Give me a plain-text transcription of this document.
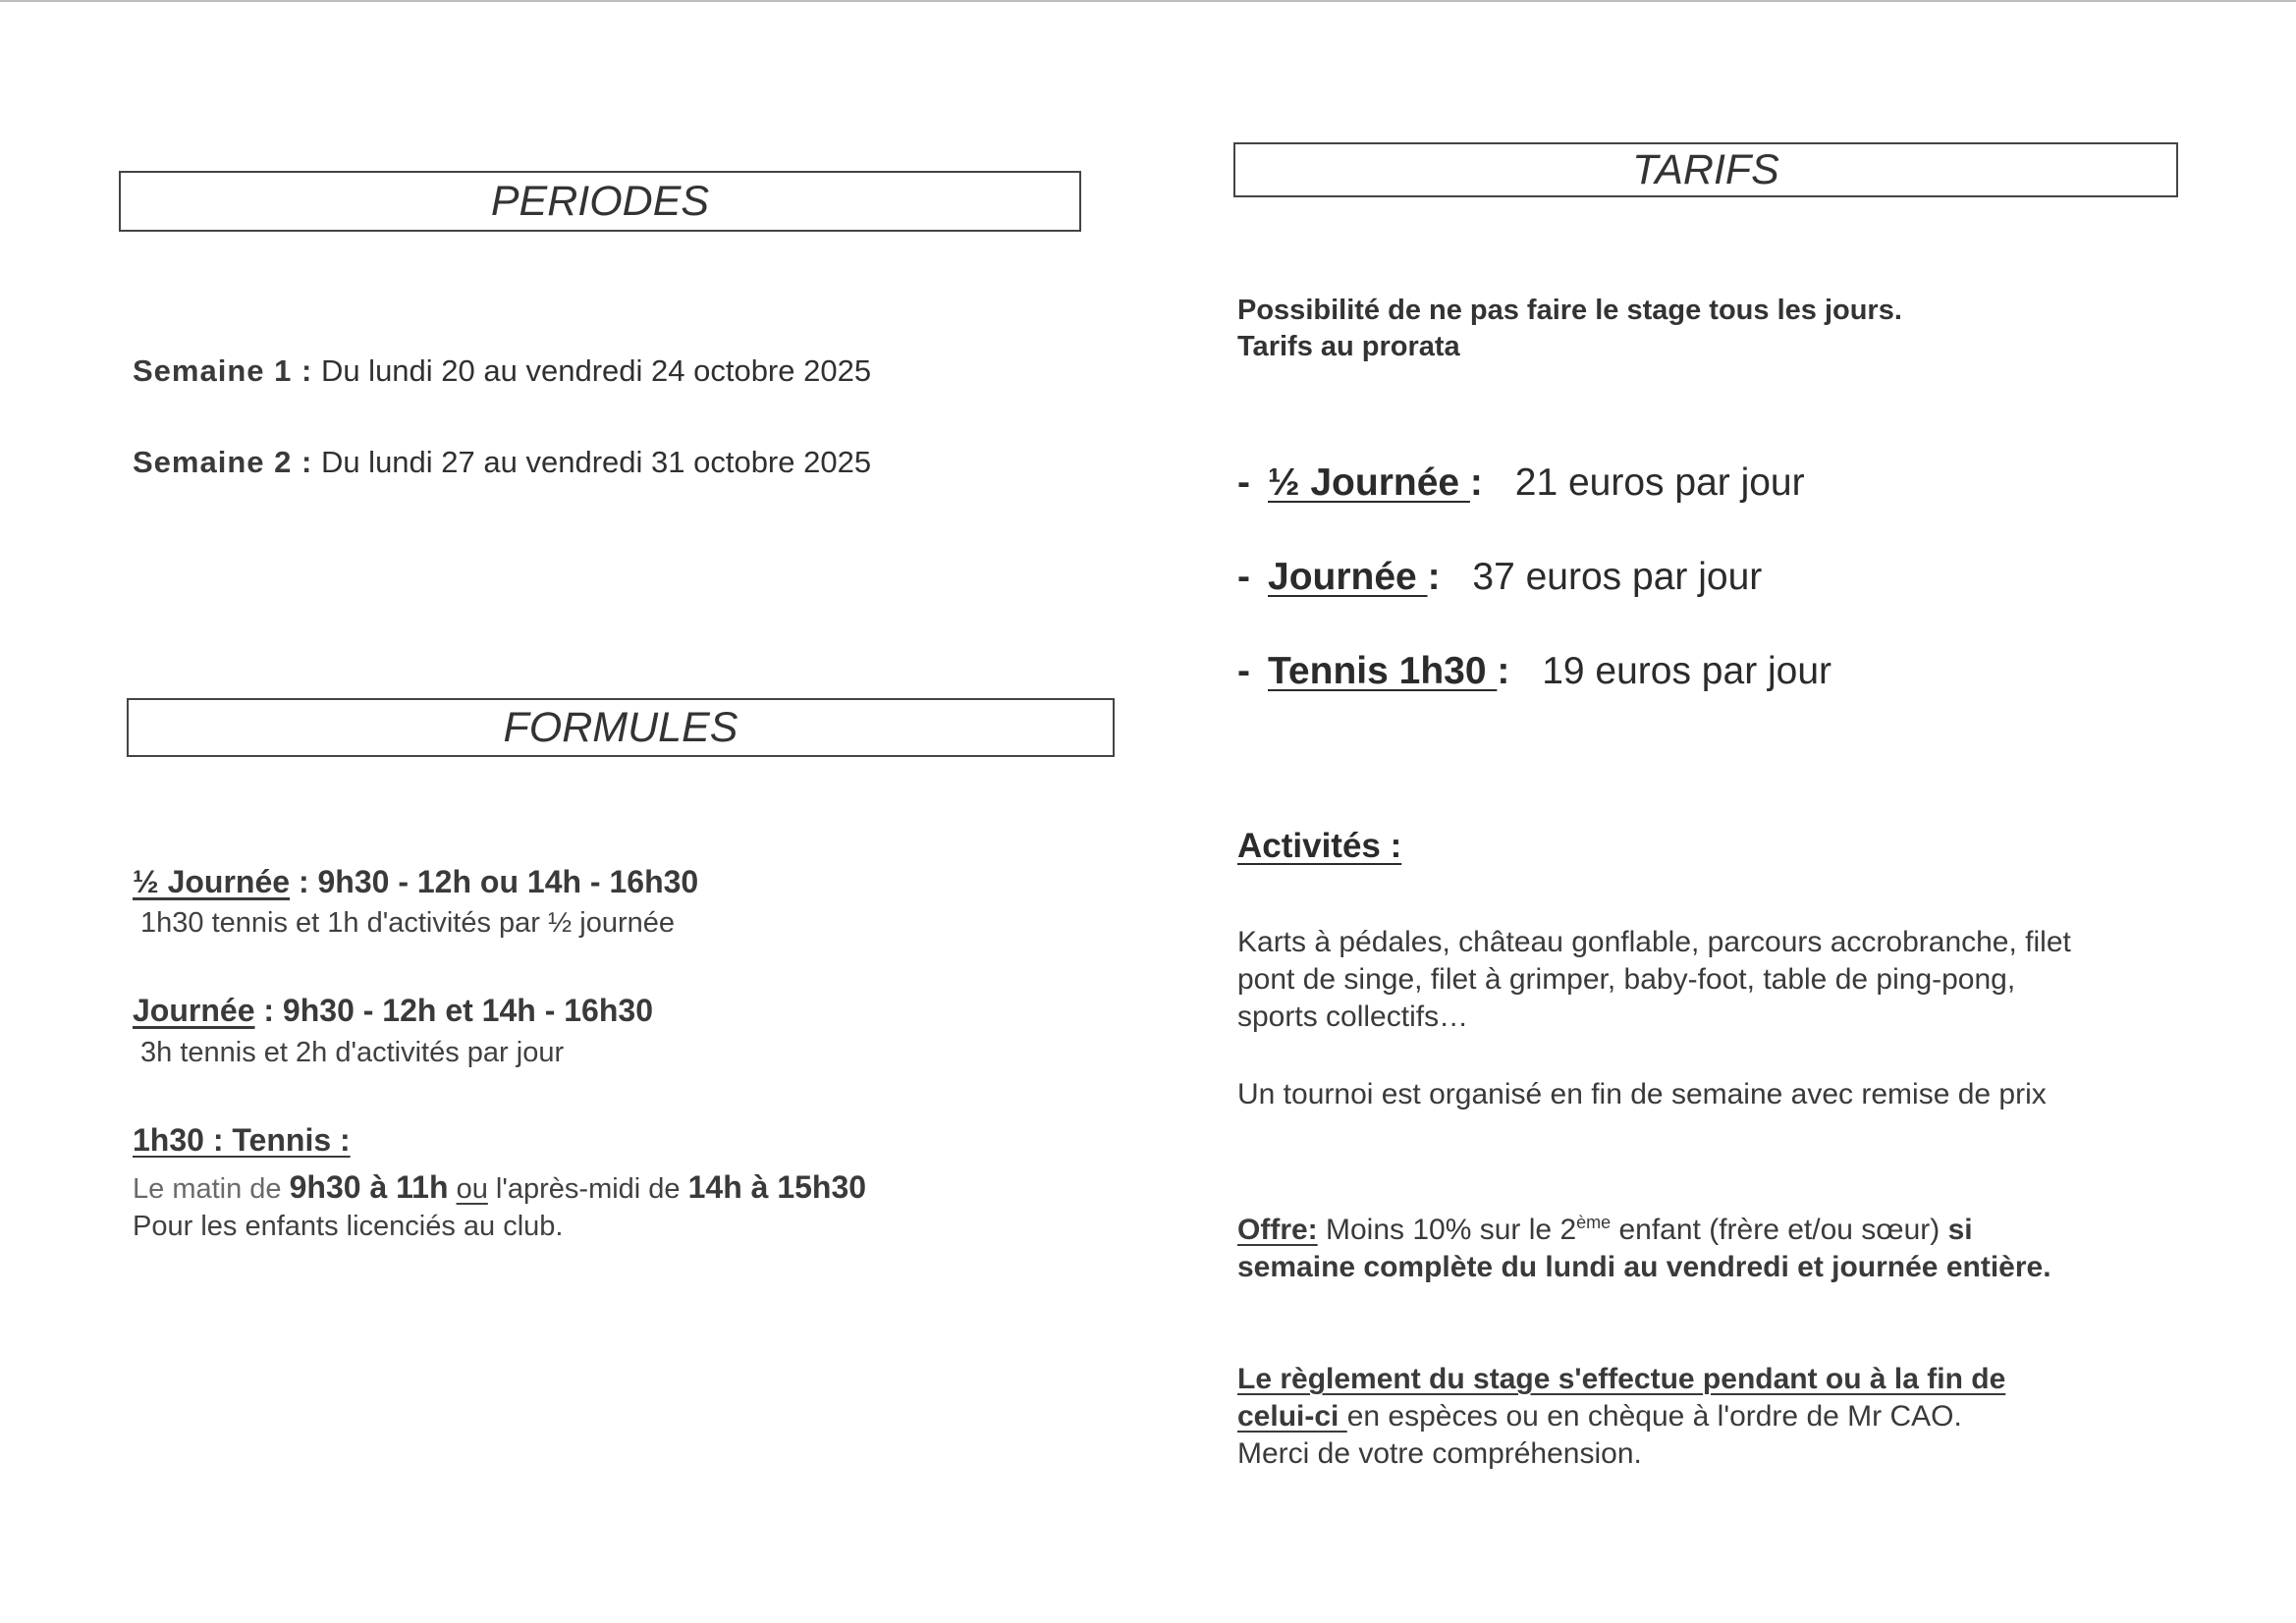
PERIODES
Semaine 1 : Du lundi 20 au vendredi 24 octobre 2025
Semaine 2 : Du lundi 27 au vendredi 31 octobre 2025
FORMULES
½ Journée : 9h30 - 12h ou 14h - 16h30
1h30 tennis et 1h d'activités par ½ journée
Journée : 9h30 - 12h et 14h - 16h30
3h tennis et 2h d'activités par jour
1h30 : Tennis :
Le matin de 9h30 à 11h ou l'après-midi de 14h à 15h30
Pour les enfants licenciés au club.
TARIFS
Possibilité de ne pas faire le stage tous les jours.
Tarifs au prorata
- ½ Journée : 21 euros par jour
- Journée : 37 euros par jour
- Tennis 1h30 : 19 euros par jour
Activités :
Karts à pédales, château gonflable, parcours accrobranche, filet
pont de singe, filet à grimper, baby-foot, table de ping-pong,
sports collectifs…
Un tournoi est organisé en fin de semaine avec remise de prix
Offre: Moins 10% sur le 2ème enfant (frère et/ou sœur) si
semaine complète du lundi au vendredi et journée entière.
Le règlement du stage s'effectue pendant ou à la fin de
celui-ci en espèces ou en chèque à l'ordre de Mr CAO.
Merci de votre compréhension.
